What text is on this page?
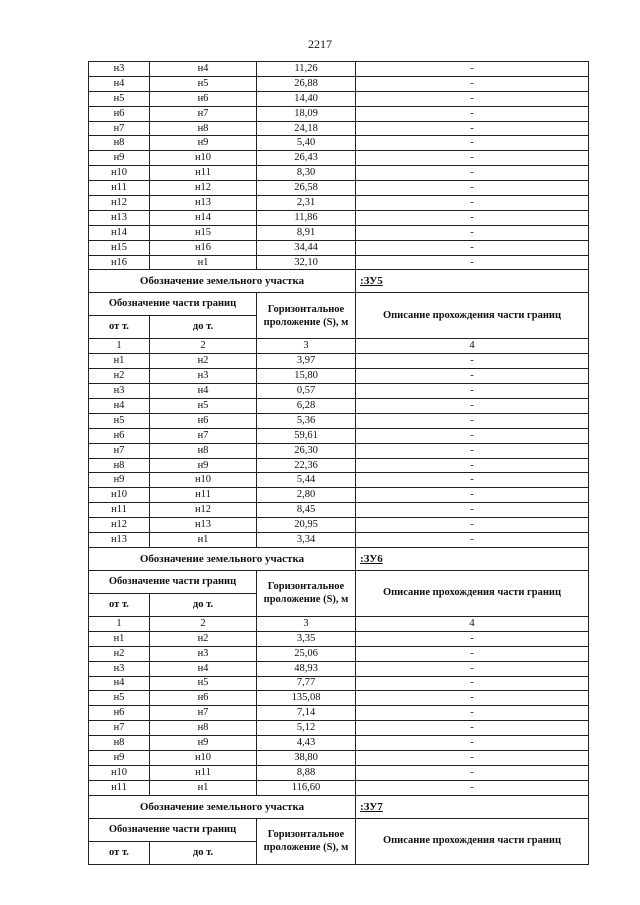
2217
н3	н4	11,26	-
н4	н5	26,88	-
н5	н6	14,40	-
н6	н7	18,09	-
н7	н8	24,18	-
н8	н9	5,40	-
н9	н10	26,43	-
н10	н11	8,30	-
н11	н12	26,58	-
н12	н13	2,31	-
н13	н14	11,86	-
н14	н15	8,91	-
н15	н16	34,44	-
н16	н1	32,10	-
Обозначение земельного участка			:ЗУ5
Обозначение части границ		Горизонтальное проложение (S), м	Описание прохождения части границ
от т.	до т.		
1	2	3	4
н1	н2	3,97	-
н2	н3	15,80	-
н3	н4	0,57	-
н4	н5	6,28	-
н5	н6	5,36	-
н6	н7	59,61	-
н7	н8	26,30	-
н8	н9	22,36	-
н9	н10	5,44	-
н10	н11	2,80	-
н11	н12	8,45	-
н12	н13	20,95	-
н13	н1	3,34	-
Обозначение земельного участка			:ЗУ6
Обозначение части границ		Горизонтальное проложение (S), м	Описание прохождения части границ
от т.	до т.		
1	2	3	4
н1	н2	3,35	-
н2	н3	25,06	-
н3	н4	48,93	-
н4	н5	7,77	-
н5	н6	135,08	-
н6	н7	7,14	-
н7	н8	5,12	-
н8	н9	4,43	-
н9	н10	38,80	-
н10	н11	8,88	-
н11	н1	116,60	-
Обозначение земельного участка			:ЗУ7
Обозначение части границ		Горизонтальное проложение (S), м	Описание прохождения части границ
от т.	до т.		
